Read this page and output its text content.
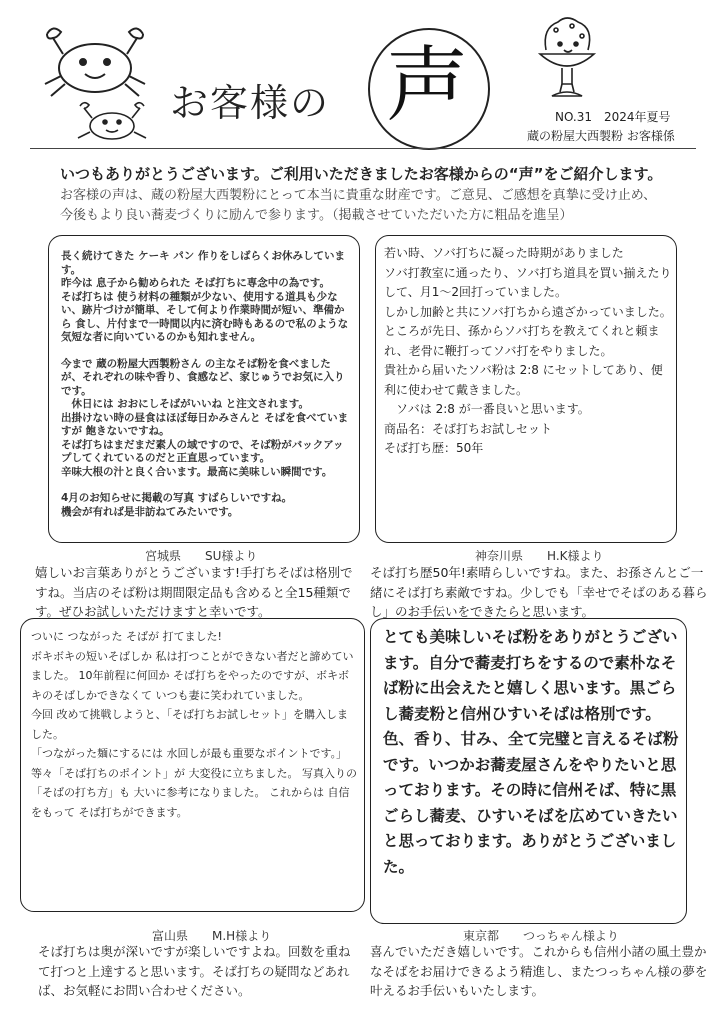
お客様の 声	NO.31　2024年夏号
蔵の粉屋大西製粉 お客様係
いつもありがとうございます。ご利用いただきましたお客様からの“声”をご紹介します。

お客様の声は、蔵の粉屋大西製粉にとって本当に貴重な財産です。ご意見、ご感想を真摯に受け止め、

今後もより良い蕎麦づくりに励んで参ります。（掲載させていただいた方に粗品を進呈）

長く続けてきた ケーキ パン 作りをしばらくお休みしています。

昨今は 息子から勧められた そば打ちに専念中の為です。

そば打ちは 使う材料の種類が少ない、使用する道具も少ない、跡片づけが簡単、そして何より作業時間が短い、準備から 食し、片付まで一時間以内に済む時もあるので私のような 気短な者に向いているのかも知れません。

今まで 蔵の粉屋大西製粉さん の主なそば粉を食べましたが、それぞれの味や香り、食感など、家じゅうでお気に入りです。

　休日には おおにしそばがいいね と注文されます。

出掛けない時の昼食はほぼ毎日かみさんと そばを食べていますが 飽きないですね。

そば打ちはまだまだ素人の域ですので、そば粉がバックアップしてくれているのだと正直思っています。

辛味大根の汁と良く合います。最高に美味しい瞬間です。

4月のお知らせに掲載の写真 すばらしいですね。

機会が有れば是非訪ねてみたいです。

宮城県　　SU様より
嬉しいお言葉ありがとうございます!手打ちそばは格別ですね。当店のそば粉は期間限定品も含めると全15種類です。ぜひお試しいただけますと幸いです。

若い時、ソバ打ちに凝った時期がありました

ソバ打教室に通ったり、ソバ打ち道具を買い揃えたりして、月1〜2回打っていました。

しかし加齢と共にソバ打ちから遠ざかっていました。

ところが先日、孫からソバ打ちを教えてくれと頼まれ、老骨に鞭打ってソバ打をやりました。

貴社から届いたソバ粉は 2:8 にセットしてあり、便利に使わせて戴きました。

　ソバは 2:8 が一番良いと思います。

商品名：そば打ちお試しセット

そば打ち歴：50年

神奈川県　　H.K様より
そば打ち歴50年!素晴らしいですね。また、お孫さんとご一緒にそば打ち素敵ですね。少しでも「幸せでそばのある暮らし」のお手伝いをできたらと思います。

ついに つながった そばが 打てました!

ボキボキの短いそばしか 私は打つことができない者だと諦めていました。 10年前程に何回か そば打ちをやったのですが、ボキボキのそばしかできなくて いつも妻に笑われていました。

今回 改めて挑戦しようと、「そば打ちお試しセット」を購入しました。

「つながった麺にするには 水回しが最も重要なポイントです。」等々「そば打ちのポイント」が 大変役に立ちました。 写真入りの「そばの打ち方」も 大いに参考になりました。 これからは 自信をもって そば打ちができます。

富山県　　M.H様より
そば打ちは奥が深いですが楽しいですよね。回数を重ねて打つと上達すると思います。そば打ちの疑問などあれば、お気軽にお問い合わせください。

とても美味しいそば粉をありがとうございます。自分で蕎麦打ちをするので素朴なそば粉に出会えたと嬉しく思います。黒ごらし蕎麦粉と信州ひすいそばは格別です。色、香り、甘み、全て完璧と言えるそば粉です。いつかお蕎麦屋さんをやりたいと思っております。その時に信州そば、特に黒ごらし蕎麦、ひすいそばを広めていきたいと思っております。ありがとうございました。

東京都　　つっちゃん様より
喜んでいただき嬉しいです。これからも信州小諸の風土豊かなそばをお届けできるよう精進し、またつっちゃん様の夢を叶えるお手伝いもいたします。
